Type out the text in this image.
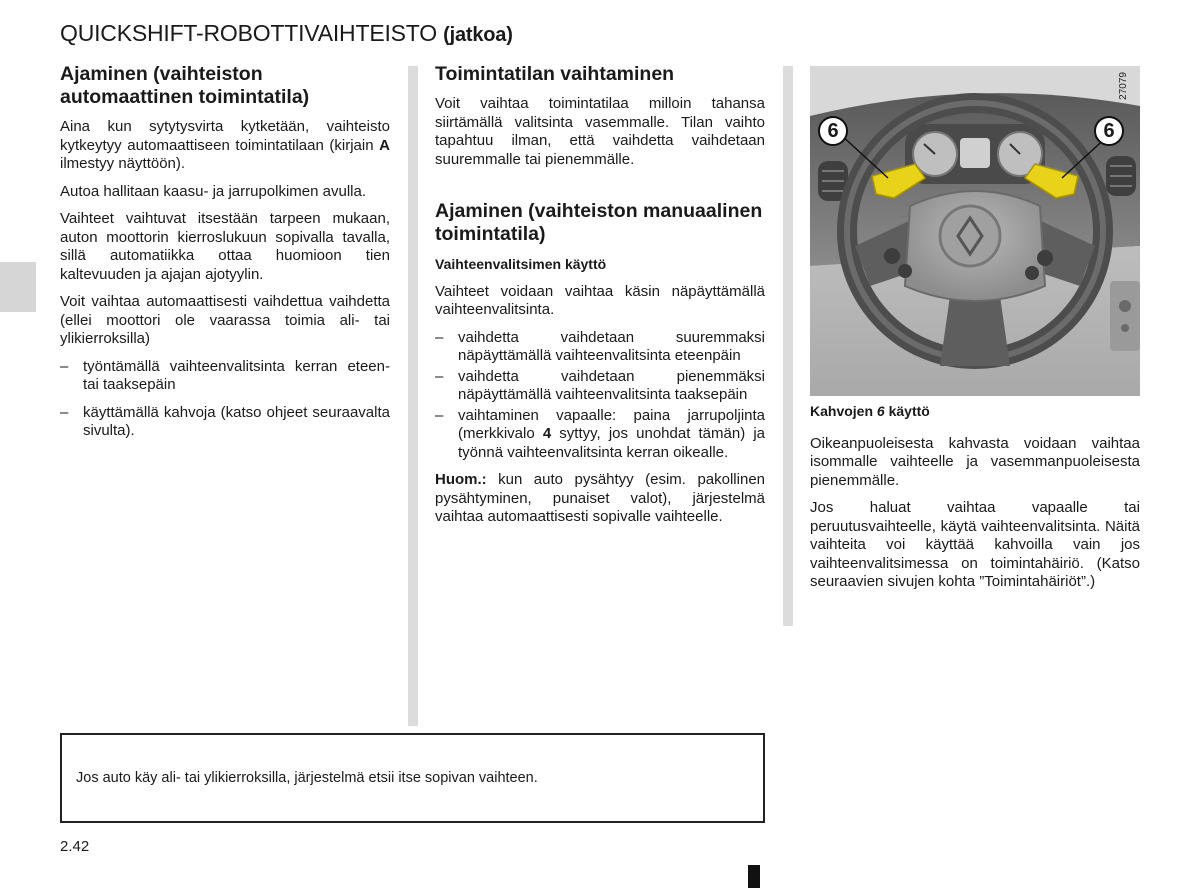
QUICKSHIFT-ROBOTTIVAIHTEISTO (jatkoa)
Ajaminen (vaihteiston automaattinen toimintatila)

Aina kun sytytysvirta kytketään, vaihteisto kytkeytyy automaattiseen toimintatilaan (kirjain A ilmestyy näyttöön).

Autoa hallitaan kaasu- ja jarrupolkimen avulla.

Vaihteet vaihtuvat itsestään tarpeen mukaan, auton moottorin kierroslukuun sopivalla tavalla, sillä automatiikka ottaa huomioon tien kaltevuuden ja ajajan ajotyylin.

Voit vaihtaa automaattisesti vaihdettua vaihdetta (ellei moottori ole vaarassa toimia ali- tai ylikierroksilla)

– työntämällä vaihteenvalitsinta kerran eteen- tai taaksepäin
– käyttämällä kahvoja (katso ohjeet seuraavalta sivulta).
Toimintatilan vaihtaminen

Voit vaihtaa toimintatilaa milloin tahansa siirtämällä valitsinta vasemmalle. Tilan vaihto tapahtuu ilman, että vaihdetta vaihdetaan suuremmalle tai pienemmälle.

Ajaminen (vaihteiston manuaalinen toimintatila)
Vaihteenvalitsimen käyttö

Vaihteet voidaan vaihtaa käsin näpäyttämällä vaihteenvalitsinta.

– vaihdetta vaihdetaan suuremmaksi näpäyttämällä vaihteenvalitsinta eteenpäin
– vaihdetta vaihdetaan pienemmäksi näpäyttämällä vaihteenvalitsinta taaksepäin
– vaihtaminen vapaalle: paina jarrupoljinta (merkkivalo 4 syttyy, jos unohdat tämän) ja työnnä vaihteenvalitsinta kerran oikealle.

Huom.: kun auto pysähtyy (esim. pakollinen pysähtyminen, punaiset valot), järjestelmä vaihtaa automaattisesti sopivalle vaihteelle.

6	6
27079
Kahvojen 6 käyttö

Oikeanpuoleisesta kahvasta voidaan vaihtaa isommalle vaihteelle ja vasemmanpuoleisesta pienemmälle.

Jos haluat vaihtaa vapaalle tai peruutusvaihteelle, käytä vaihteenvalitsinta. Näitä vaihteita voi käyttää kahvoilla vain jos vaihteenvalitsimessa on toimintahäiriö. (Katso seuraavien sivujen kohta ”Toimintahäiriöt”.)

Jos auto käy ali- tai ylikierroksilla, järjestelmä etsii itse sopivan vaihteen.
2.42
